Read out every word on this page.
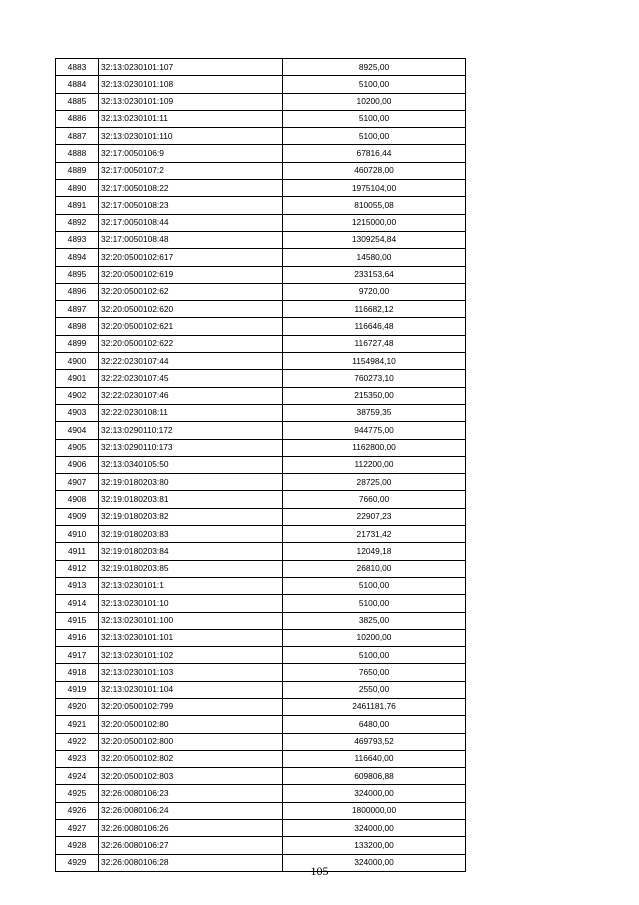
4883	32:13:0230101:107	8925,00
4884	32:13:0230101:108	5100,00
4885	32:13:0230101:109	10200,00
4886	32:13:0230101:11	5100,00
4887	32:13:0230101:110	5100,00
4888	32:17:0050106:9	67816,44
4889	32:17:0050107:2	460728,00
4890	32:17:0050108:22	1975104,00
4891	32:17:0050108:23	810055,08
4892	32:17:0050108:44	1215000,00
4893	32:17:0050108:48	1309254,84
4894	32:20:0500102:617	14580,00
4895	32:20:0500102:619	233153,64
4896	32:20:0500102:62	9720,00
4897	32:20:0500102:620	116682,12
4898	32:20:0500102:621	116646,48
4899	32:20:0500102:622	116727,48
4900	32:22:0230107:44	1154984,10
4901	32:22:0230107:45	760273,10
4902	32:22:0230107:46	215350,00
4903	32:22:0230108:11	38759,35
4904	32:13:0290110:172	944775,00
4905	32:13:0290110:173	1162800,00
4906	32:13:0340105:50	112200,00
4907	32:19:0180203:80	28725,00
4908	32:19:0180203:81	7660,00
4909	32:19:0180203:82	22907,23
4910	32:19:0180203:83	21731,42
4911	32:19:0180203:84	12049,18
4912	32:19:0180203:85	26810,00
4913	32:13:0230101:1	5100,00
4914	32:13:0230101:10	5100,00
4915	32:13:0230101:100	3825,00
4916	32:13:0230101:101	10200,00
4917	32:13:0230101:102	5100,00
4918	32:13:0230101:103	7650,00
4919	32:13:0230101:104	2550,00
4920	32:20:0500102:799	2461181,76
4921	32:20:0500102:80	6480,00
4922	32:20:0500102:800	469793,52
4923	32:20:0500102:802	116640,00
4924	32:20:0500102:803	609806,88
4925	32:26:0080106:23	324000,00
4926	32:26:0080106:24	1800000,00
4927	32:26:0080106:26	324000,00
4928	32:26:0080106:27	133200,00
4929	32:26:0080106:28	324000,00
105
